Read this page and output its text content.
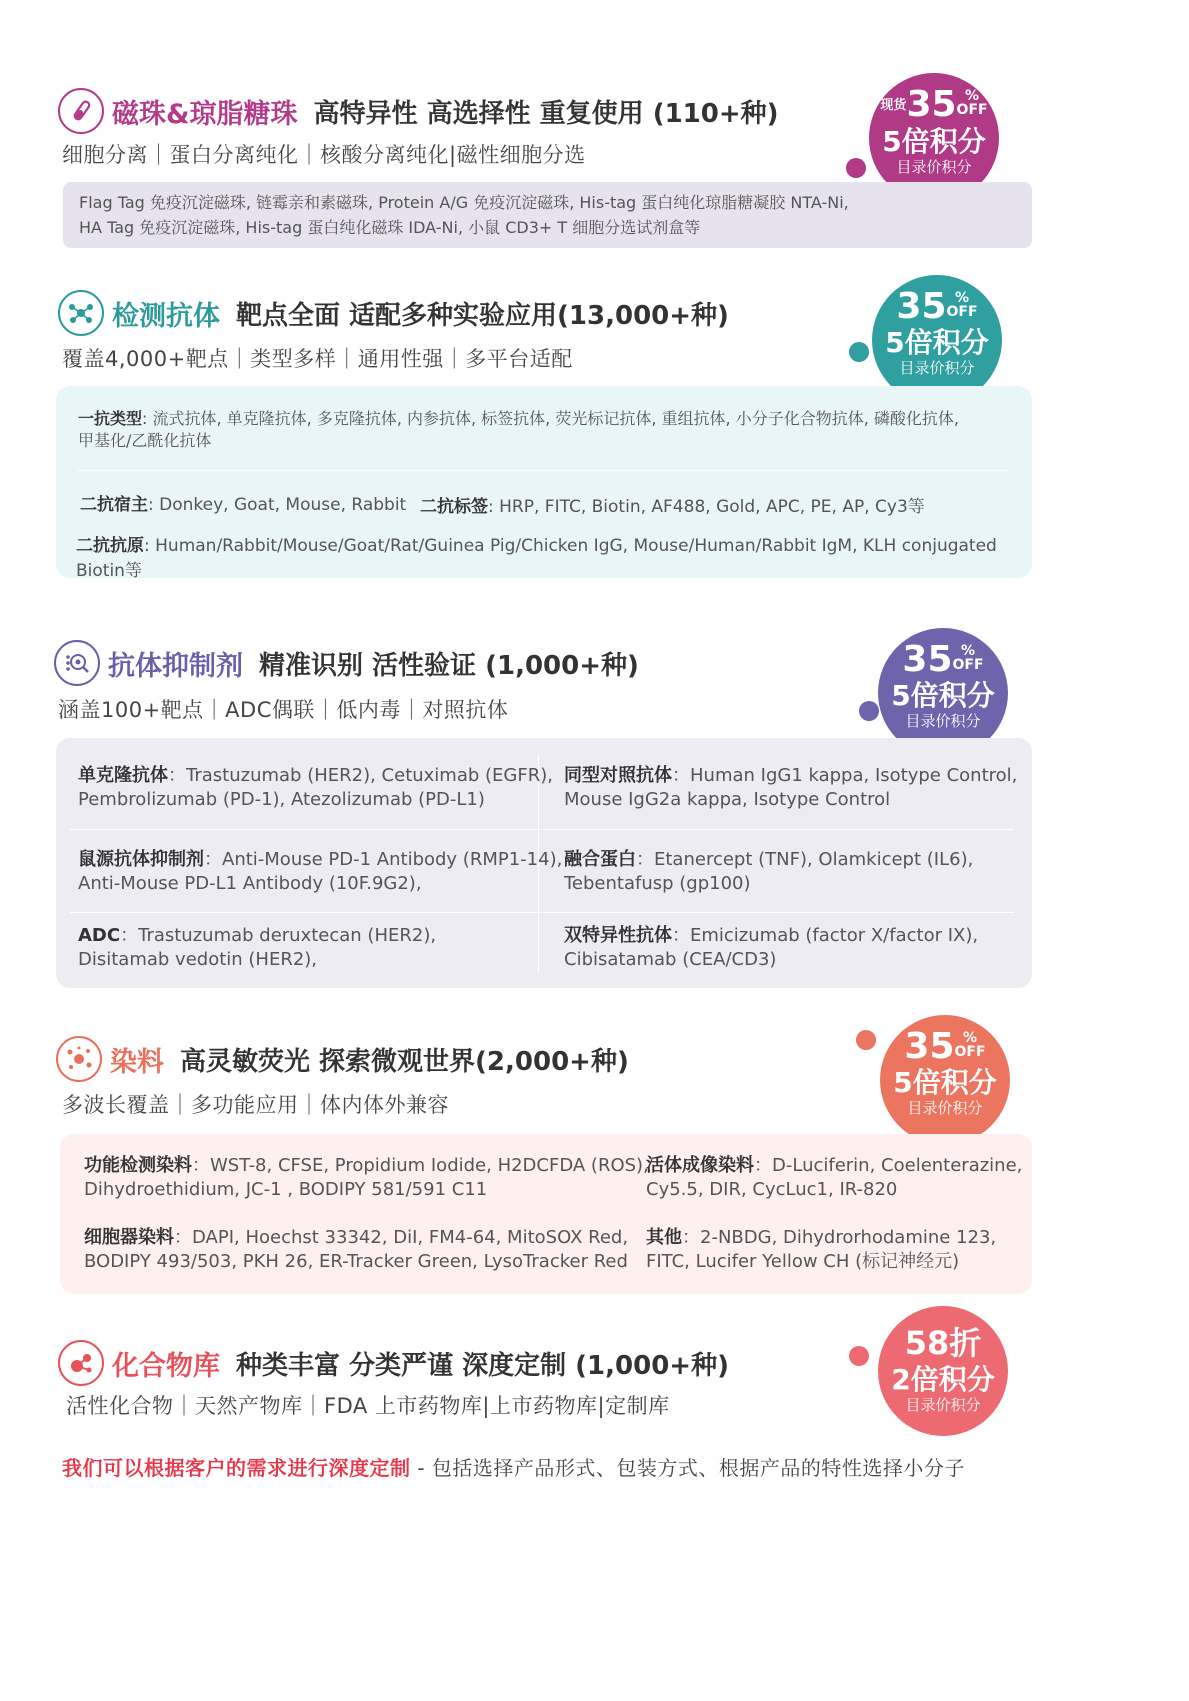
磁珠&琼脂糖珠 高特异性 高选择性 重复使用 (110+种)
细胞分离｜蛋白分离纯化｜核酸分离纯化|磁性细胞分选
现货35 %
OFF
5倍积分
目录价积分
Flag Tag 免疫沉淀磁珠, 链霉亲和素磁珠, Protein A/G 免疫沉淀磁珠, His-tag 蛋白纯化琼脂糖凝胶 NTA-Ni,
HA Tag 免疫沉淀磁珠, His-tag 蛋白纯化磁珠 IDA-Ni, 小鼠 CD3+ T 细胞分选试剂盒等
检测抗体 靶点全面 适配多种实验应用(13,000+种)
覆盖4,000+靶点｜类型多样｜通用性强｜多平台适配
35 %
OFF
5倍积分
目录价积分
一抗类型: 流式抗体, 单克隆抗体, 多克隆抗体, 内参抗体, 标签抗体, 荧光标记抗体, 重组抗体, 小分子化合物抗体, 磷酸化抗体,
甲基化/乙酰化抗体
二抗宿主: Donkey, Goat, Mouse, Rabbit 二抗标签: HRP, FITC, Biotin, AF488, Gold, APC, PE, AP, Cy3等
二抗抗原: Human/Rabbit/Mouse/Goat/Rat/Guinea Pig/Chicken IgG, Mouse/Human/Rabbit IgM, KLH conjugated Biotin等
抗体抑制剂 精准识别 活性验证 (1,000+种)
涵盖100+靶点｜ADC偶联｜低内毒｜对照抗体
35 %
OFF
5倍积分
目录价积分
单克隆抗体：Trastuzumab (HER2), Cetuximab (EGFR),
Pembrolizumab (PD-1), Atezolizumab (PD-L1)
同型对照抗体：Human IgG1 kappa, Isotype Control,
Mouse IgG2a kappa, Isotype Control
鼠源抗体抑制剂：Anti-Mouse PD-1 Antibody (RMP1-14),
Anti-Mouse PD-L1 Antibody (10F.9G2),
融合蛋白：Etanercept (TNF), Olamkicept (IL6),
Tebentafusp (gp100)
ADC：Trastuzumab deruxtecan (HER2),
Disitamab vedotin (HER2),
双特异性抗体：Emicizumab (factor X/factor IX),
Cibisatamab (CEA/CD3)
染料 高灵敏荧光 探索微观世界(2,000+种)
多波长覆盖｜多功能应用｜体内体外兼容
35 %
OFF
5倍积分
目录价积分
功能检测染料：WST-8, CFSE, Propidium Iodide, H2DCFDA (ROS),
Dihydroethidium, JC-1 , BODIPY 581/591 C11
活体成像染料：D-Luciferin, Coelenterazine,
Cy5.5, DIR, CycLuc1, IR-820
细胞器染料：DAPI, Hoechst 33342, DiI, FM4-64, MitoSOX Red,
BODIPY 493/503, PKH 26, ER-Tracker Green, LysoTracker Red
其他：2-NBDG, Dihydrorhodamine 123,
FITC, Lucifer Yellow CH (标记神经元)
化合物库 种类丰富 分类严谨 深度定制 (1,000+种)
活性化合物｜天然产物库｜FDA 上市药物库|上市药物库|定制库
58折
2倍积分
目录价积分
我们可以根据客户的需求进行深度定制 - 包括选择产品形式、包装方式、根据产品的特性选择小分子
